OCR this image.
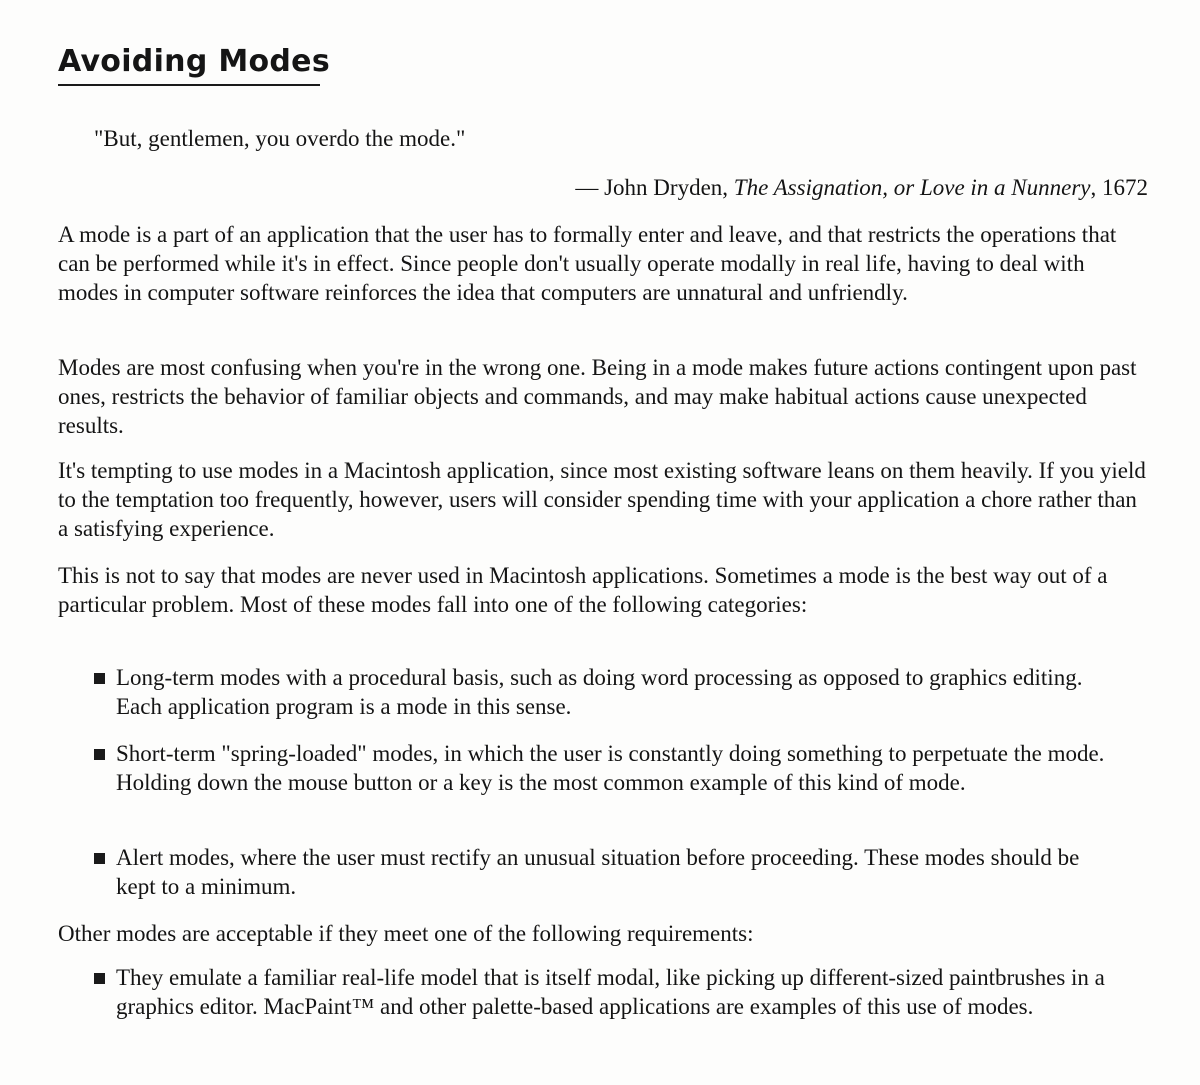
Avoiding Modes
"But, gentlemen, you overdo the mode."
— John Dryden, The Assignation, or Love in a Nunnery, 1672
A mode is a part of an application that the user has to formally enter and leave, and that restricts the operations that can be performed while it's in effect. Since people don't usually operate modally in real life, having to deal with modes in computer software reinforces the idea that computers are unnatural and unfriendly.
Modes are most confusing when you're in the wrong one. Being in a mode makes future actions contingent upon past ones, restricts the behavior of familiar objects and commands, and may make habitual actions cause unexpected results.
It's tempting to use modes in a Macintosh application, since most existing software leans on them heavily. If you yield to the temptation too frequently, however, users will consider spending time with your application a chore rather than a satisfying experience.
This is not to say that modes are never used in Macintosh applications. Sometimes a mode is the best way out of a particular problem. Most of these modes fall into one of the following categories:
Long-term modes with a procedural basis, such as doing word processing as opposed to graphics editing. Each application program is a mode in this sense.
Short-term "spring-loaded" modes, in which the user is constantly doing something to perpetuate the mode. Holding down the mouse button or a key is the most common example of this kind of mode.
Alert modes, where the user must rectify an unusual situation before proceeding. These modes should be kept to a minimum.
Other modes are acceptable if they meet one of the following requirements:
They emulate a familiar real-life model that is itself modal, like picking up different-sized paintbrushes in a graphics editor. MacPaint™ and other palette-based applications are examples of this use of modes.
